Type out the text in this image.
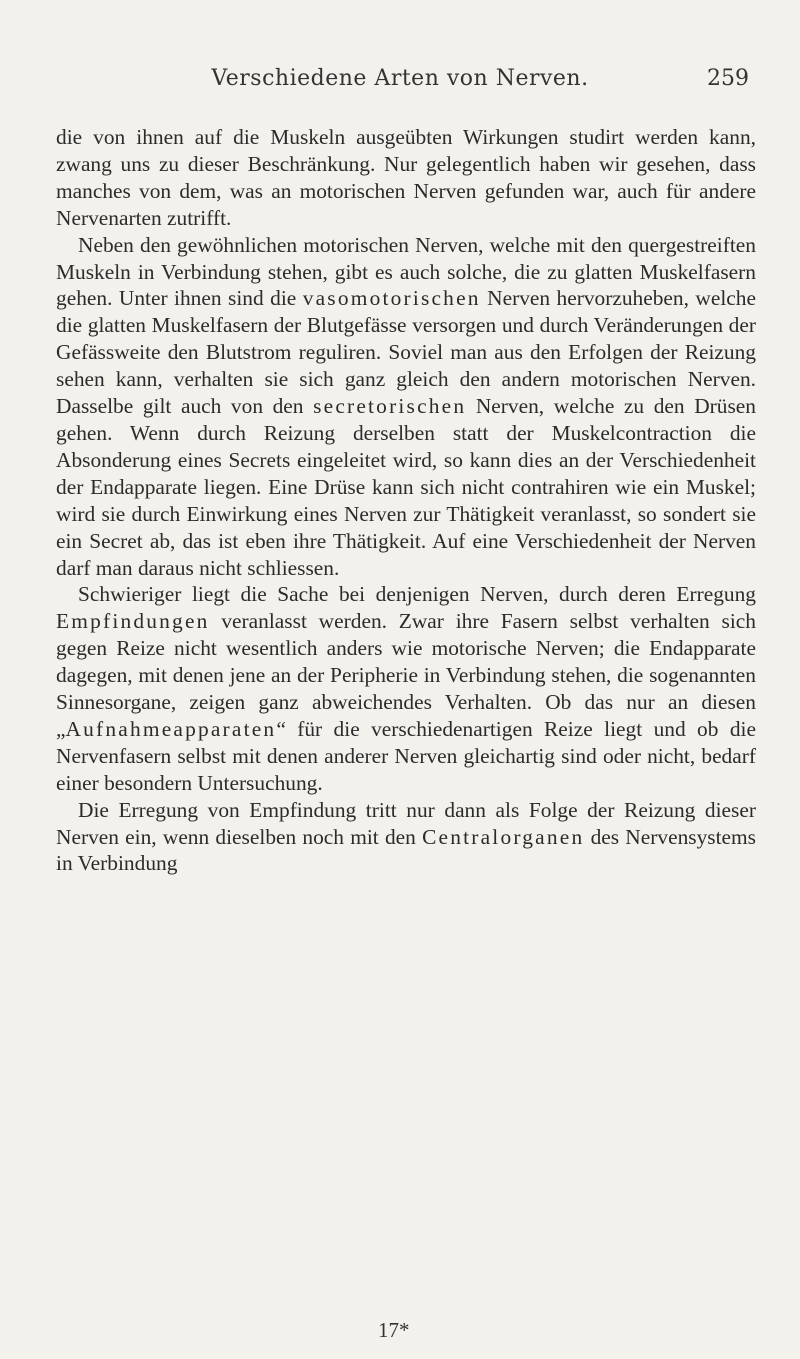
Verschiedene Arten von Nerven.	259

die von ihnen auf die Muskeln ausgeübten Wirkungen studirt werden kann, zwang uns zu dieser Beschränkung. Nur gelegentlich haben wir gesehen, dass manches von dem, was an motorischen Nerven gefunden war, auch für andere Nervenarten zutrifft.

Neben den gewöhnlichen motorischen Nerven, welche mit den quergestreiften Muskeln in Verbindung stehen, gibt es auch solche, die zu glatten Muskelfasern gehen. Unter ihnen sind die vasomotorischen Nerven hervorzuheben, welche die glatten Muskelfasern der Blutgefässe versorgen und durch Veränderungen der Gefässweite den Blutstrom reguliren. Soviel man aus den Erfolgen der Reizung sehen kann, verhalten sie sich ganz gleich den andern motorischen Nerven. Dasselbe gilt auch von den secretorischen Nerven, welche zu den Drüsen gehen. Wenn durch Reizung derselben statt der Muskelcontraction die Absonderung eines Secrets eingeleitet wird, so kann dies an der Verschiedenheit der Endapparate liegen. Eine Drüse kann sich nicht contrahiren wie ein Muskel; wird sie durch Einwirkung eines Nerven zur Thätigkeit veranlasst, so sondert sie ein Secret ab, das ist eben ihre Thätigkeit. Auf eine Verschiedenheit der Nerven darf man daraus nicht schliessen.

Schwieriger liegt die Sache bei denjenigen Nerven, durch deren Erregung Empfindungen veranlasst werden. Zwar ihre Fasern selbst verhalten sich gegen Reize nicht wesentlich anders wie motorische Nerven; die Endapparate dagegen, mit denen jene an der Peripherie in Verbindung stehen, die sogenannten Sinnesorgane, zeigen ganz abweichendes Verhalten. Ob das nur an diesen „Aufnahmeapparaten“ für die verschiedenartigen Reize liegt und ob die Nervenfasern selbst mit denen anderer Nerven gleichartig sind oder nicht, bedarf einer besondern Untersuchung.

Die Erregung von Empfindung tritt nur dann als Folge der Reizung dieser Nerven ein, wenn dieselben noch mit den Centralorganen des Nervensystems in Verbindung

17*
